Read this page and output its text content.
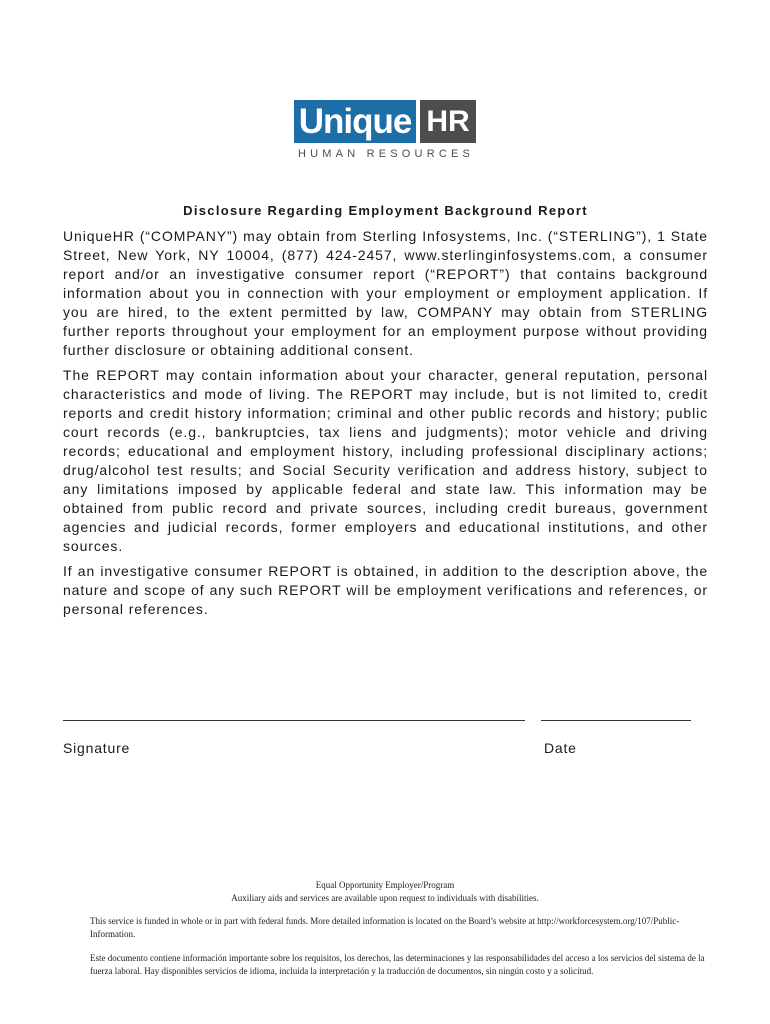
Unique HR
HUMAN RESOURCES
Disclosure Regarding Employment Background Report

UniqueHR (“COMPANY”) may obtain from Sterling Infosystems, Inc. (“STERLING”), 1 State Street, New York, NY 10004, (877) 424-2457, www.sterlinginfosystems.com, a consumer report and/or an investigative consumer report (“REPORT”) that contains background information about you in connection with your employment or employment application. If you are hired, to the extent permitted by law, COMPANY may obtain from STERLING further reports throughout your employment for an employment purpose without providing further disclosure or obtaining additional consent.

The REPORT may contain information about your character, general reputation, personal characteristics and mode of living. The REPORT may include, but is not limited to, credit reports and credit history information; criminal and other public records and history; public court records (e.g., bankruptcies, tax liens and judgments); motor vehicle and driving records; educational and employment history, including professional disciplinary actions; drug/alcohol test results; and Social Security verification and address history, subject to any limitations imposed by applicable federal and state law. This information may be obtained from public record and private sources, including credit bureaus, government agencies and judicial records, former employers and educational institutions, and other sources.

If an investigative consumer REPORT is obtained, in addition to the description above, the nature and scope of any such REPORT will be employment verifications and references, or personal references.

Signature	Date
Equal Opportunity Employer/Program
Auxiliary aids and services are available upon request to individuals with disabilities.
This service is funded in whole or in part with federal funds. More detailed information is located on the Board’s website at http://workforcesystem.org/107/Public-Information.
Este documento contiene información importante sobre los requisitos, los derechos, las determinaciones y las responsabilidades del acceso a los servicios del sistema de la fuerza laboral. Hay disponibles servicios de idioma, incluida la interpretación y la traducción de documentos, sin ningún costo y a solicitud.
